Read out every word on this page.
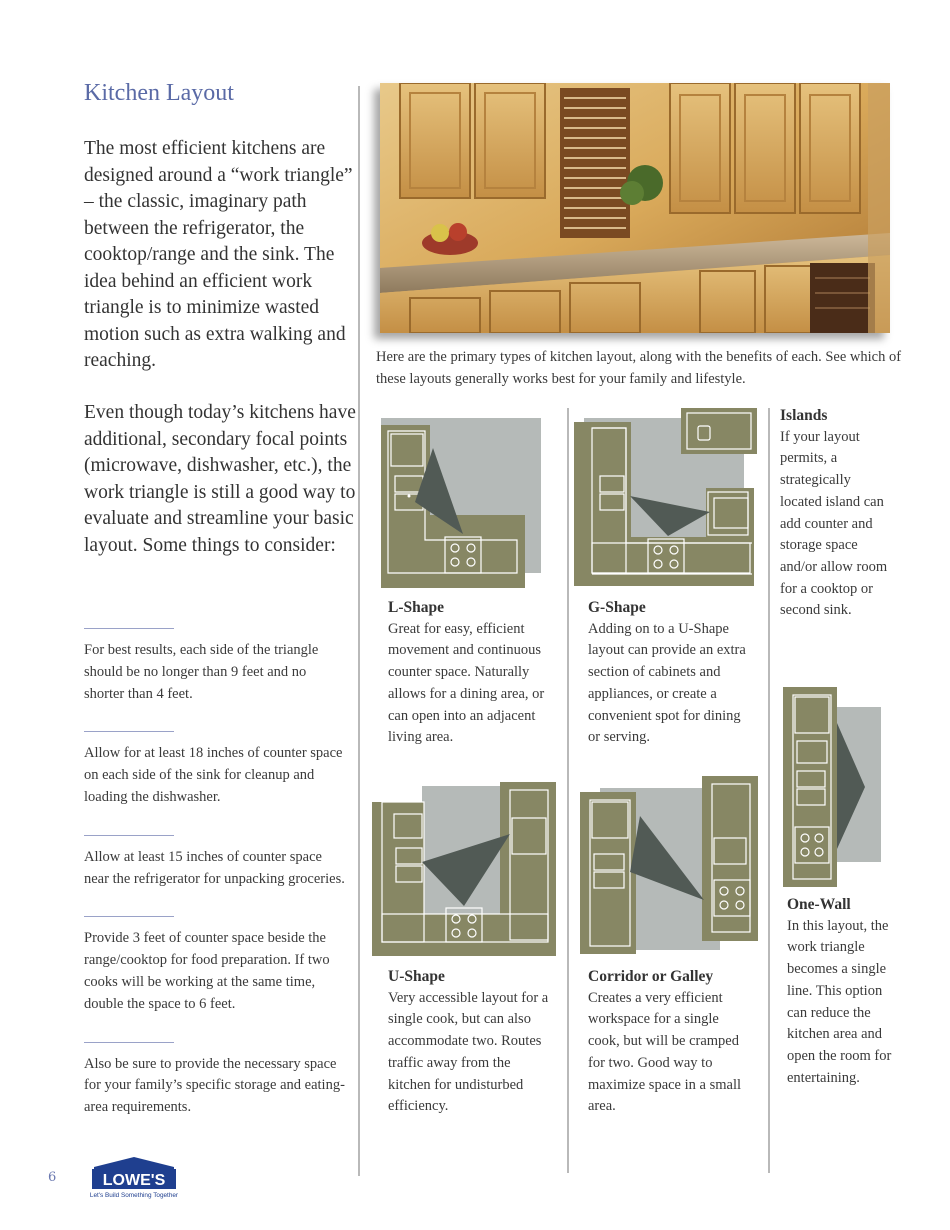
Kitchen Layout

The most efficient kitchens are designed around a “work triangle” – the classic, imaginary path between the refrigerator, the cooktop/range and the sink. The idea behind an efficient work triangle is to minimize wasted motion such as extra walking and reaching.

Even though today’s kitchens have additional, secondary focal points (microwave, dishwasher, etc.), the work triangle is still a good way to evaluate and streamline your basic layout. Some things to consider:

For best results, each side of the triangle should be no longer than 9 feet and no shorter than 4 feet.

Allow for at least 18 inches of counter space on each side of the sink for cleanup and loading the dishwasher.

Allow at least 15 inches of counter space near the refrigerator for unpacking groceries.

Provide 3 feet of counter space beside the range/cooktop for food preparation. If two cooks will be working at the same time, double the space to 6 feet.

Also be sure to provide the necessary space for your family’s specific storage and eating-area requirements.

Here are the primary types of kitchen layout, along with the benefits of each. See which of these layouts generally works best for your family and lifestyle.

L-Shape
Great for easy, efficient movement and continuous counter space. Naturally allows for a dining area, or can open into an adjacent living area.
G-Shape
Adding on to a U-Shape layout can provide an extra section of cabinets and appliances, or create a convenient spot for dining or serving.
Islands
If your layout permits, a strategically located island can add counter and storage space and/or allow room for a cooktop or second sink.
U-Shape
Very accessible layout for a single cook, but can also accommodate two. Routes traffic away from the kitchen for undisturbed efficiency.
Corridor or Galley
Creates a very efficient workspace for a single cook, but will be cramped for two. Good way to maximize space in a small area.
One-Wall
In this layout, the work triangle becomes a single line. This option can reduce the kitchen area and open the room for entertaining.
6	LOWE'S
Let's Build Something Together
